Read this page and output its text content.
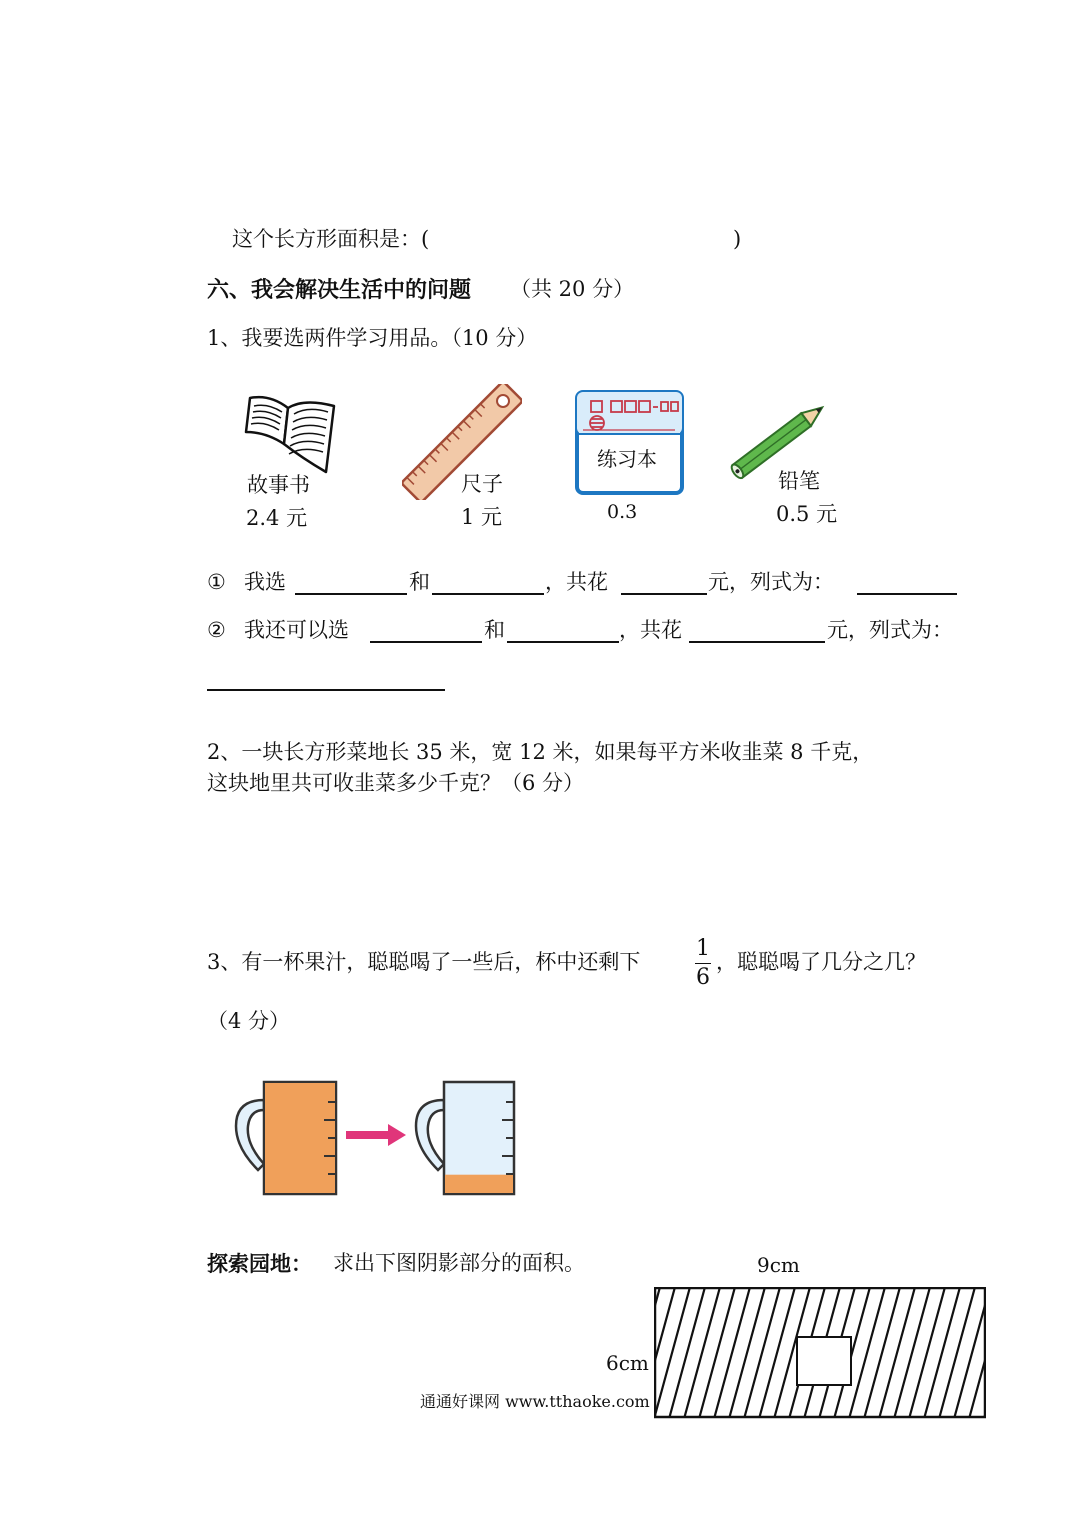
这个长方形面积是：(	)
六、我会解决生活中的问题 （共 20 分）
1、我要选两件学习用品。（10 分）
故事书
2.4 元
尺子
1 元
练习本
0.3
铅笔
0.5 元
① 我选	和	，共花	元，列式为：
② 我还可以选	和	，共花	元，列式为：
2、一块长方形菜地长 35 米，宽 12 米，如果每平方米收韭菜 8 千克，
这块地里共可收韭菜多少千克？（6 分）
3、有一杯果汁，聪聪喝了一些后，杯中还剩下
1
6
，聪聪喝了几分之几？
（4 分）
探索园地： 求出下图阴影部分的面积。	9cm
6cm
通通好课网 www.tthaoke.com
